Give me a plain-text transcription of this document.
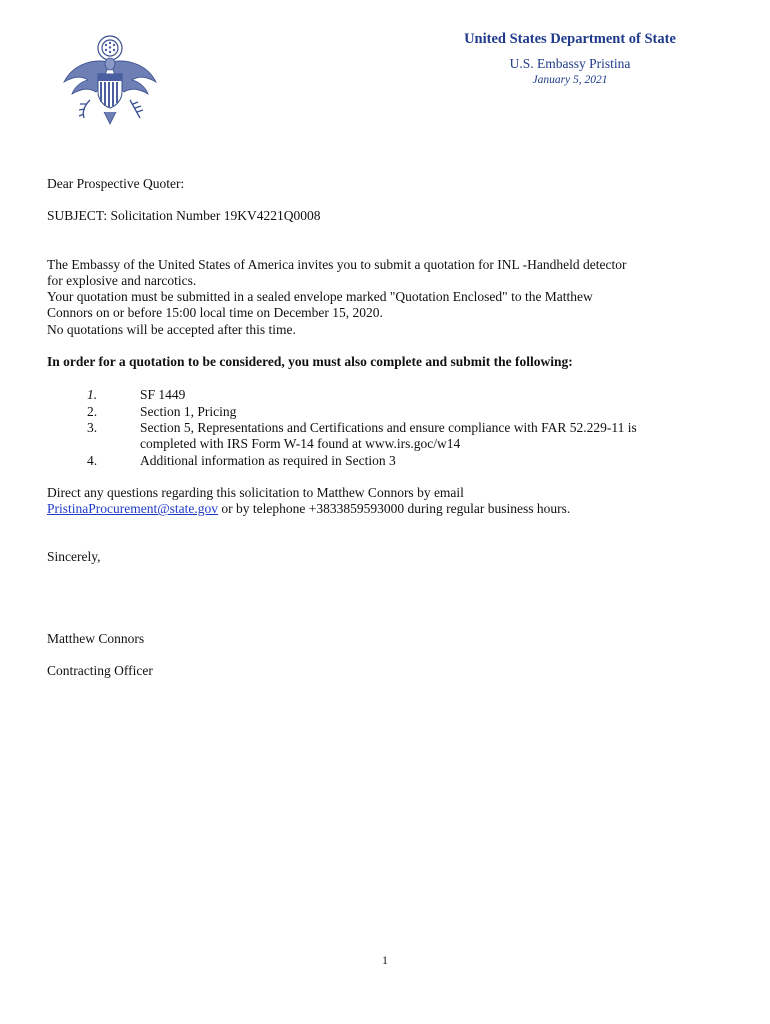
United States Department of State
U.S. Embassy Pristina
January 5, 2021

Dear Prospective Quoter:

SUBJECT: Solicitation Number 19KV4221Q0008

The Embassy of the United States of America invites you to submit a quotation for INL -Handheld detector

for explosive and narcotics.

Your quotation must be submitted in a sealed envelope marked "Quotation Enclosed" to the Matthew

Connors on or before 15:00 local time on December 15, 2020.

No quotations will be accepted after this time.

In order for a quotation to be considered, you must also complete and submit the following:

1.	SF 1449
2.	Section 1, Pricing
3.	Section 5, Representations and Certifications and ensure compliance with FAR 52.229-11 is
completed with IRS Form W-14 found at www.irs.goc/w14
4.	Additional information as required in Section 3

Direct any questions regarding this solicitation to Matthew Connors by email

PristinaProcurement@state.gov or by telephone +3833859593000 during regular business hours.

Sincerely,

Matthew Connors

Contracting Officer

1
